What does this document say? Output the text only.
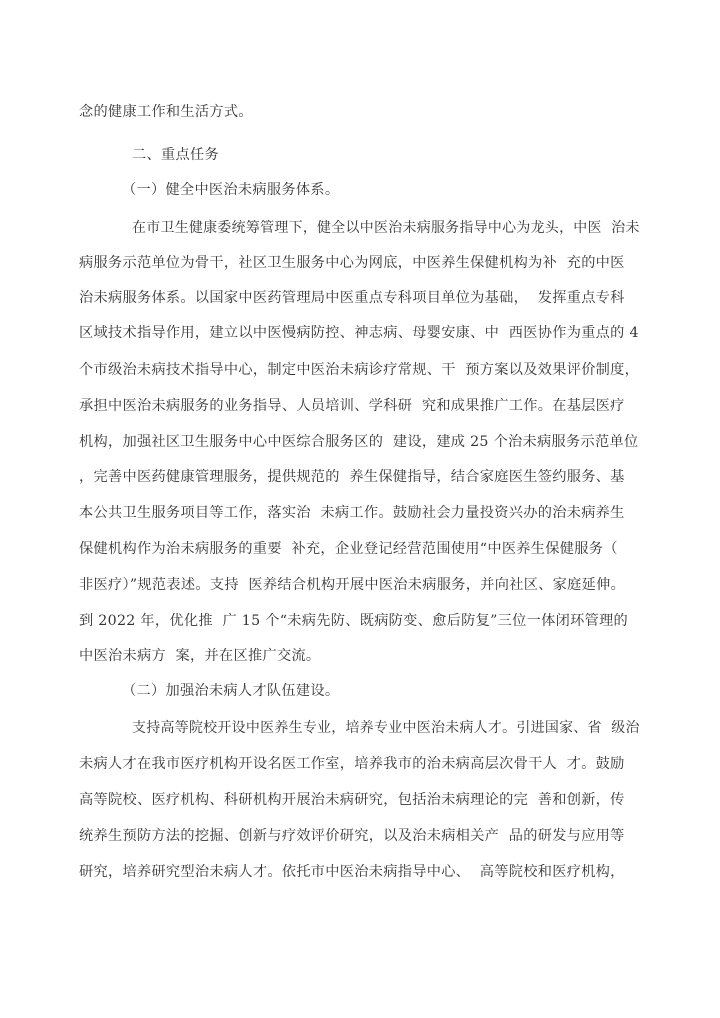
念的健康工作和生活方式。

二、重点任务

（一）健全中医治未病服务体系。

在市卫生健康委统筹管理下，健全以中医治未病服务指导中心为龙头，中医  治未

病服务示范单位为骨干，社区卫生服务中心为网底，中医养生保健机构为补  充的中医

治未病服务体系。以国家中医药管理局中医重点专科项目单位为基础，  发挥重点专科

区域技术指导作用，建立以中医慢病防控、神志病、母婴安康、中  西医协作为重点的 4

个市级治未病技术指导中心，制定中医治未病诊疗常规、干  预方案以及效果评价制度，

承担中医治未病服务的业务指导、人员培训、学科研  究和成果推广工作。在基层医疗

机构，加强社区卫生服务中心中医综合服务区的  建设，建成 25 个治未病服务示范单位

，完善中医药健康管理服务，提供规范的  养生保健指导，结合家庭医生签约服务、基

本公共卫生服务项目等工作，落实治  未病工作。鼓励社会力量投资兴办的治未病养生

保健机构作为治未病服务的重要  补充，企业登记经营范围使用“中医养生保健服务（

非医疗）”规范表述。支持  医养结合机构开展中医治未病服务，并向社区、家庭延伸。

到 2022 年，优化推  广 15 个“未病先防、既病防变、愈后防复”三位一体闭环管理的

中医治未病方  案，并在区推广交流。

（二）加强治未病人才队伍建设。

支持高等院校开设中医养生专业，培养专业中医治未病人才。引进国家、省  级治

未病人才在我市医疗机构开设名医工作室，培养我市的治未病高层次骨干人  才。鼓励

高等院校、医疗机构、科研机构开展治未病研究，包括治未病理论的完  善和创新，传

统养生预防方法的挖掘、创新与疗效评价研究，以及治未病相关产  品的研发与应用等

研究，培养研究型治未病人才。依托市中医治未病指导中心、  高等院校和医疗机构，
